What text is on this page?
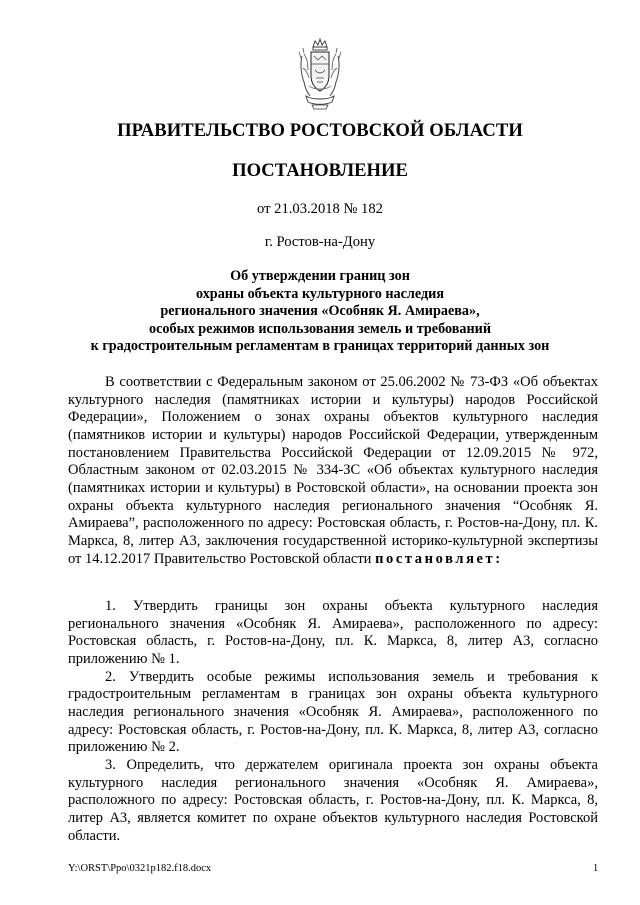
ПРАВИТЕЛЬСТВО РОСТОВСКОЙ ОБЛАСТИ
ПОСТАНОВЛЕНИЕ
от 21.03.2018 № 182
г. Ростов-на-Дону
Об утверждении границ зон
охраны объекта культурного наследия
регионального значения «Особняк Я. Амираева»,
особых режимов использования земель и требований
к градостроительным регламентам в границах территорий данных зон

В соответствии с Федеральным законом от 25.06.2002 № 73-ФЗ «Об объектах культурного наследия (памятниках истории и культуры) народов Российской Федерации», Положением о зонах охраны объектов культурного наследия (памятников истории и культуры) народов Российской Федерации, утвержденным постановлением Правительства Российской Федерации от 12.09.2015 № 972, Областным законом от 02.03.2015 № 334-ЗС «Об объектах культурного наследия (памятниках истории и культуры) в Ростовской области», на основании проекта зон охраны объекта культурного наследия регионального значения “Особняк Я. Амираева”, расположенного по адресу: Ростовская область, г. Ростов-на-Дону, пл. К. Маркса, 8, литер А3, заключения государственной историко-культурной экспертизы от 14.12.2017 Правительство Ростовской области постановляет:

1. Утвердить границы зон охраны объекта культурного наследия регионального значения «Особняк Я. Амираева», расположенного по адресу: Ростовская область, г. Ростов-на-Дону, пл. К. Маркса, 8, литер А3, согласно приложению № 1.

2. Утвердить особые режимы использования земель и требования к градостроительным регламентам в границах зон охраны объекта культурного наследия регионального значения «Особняк Я. Амираева», расположенного по адресу: Ростовская область, г. Ростов-на-Дону, пл. К. Маркса, 8, литер А3, согласно приложению № 2.

3. Определить, что держателем оригинала проекта зон охраны объекта культурного наследия регионального значения «Особняк Я. Амираева», расположного по адресу: Ростовская область, г. Ростов-на-Дону, пл. К. Маркса, 8, литер А3, является комитет по охране объектов культурного наследия Ростовской области.

Y:\ORST\Ppo\0321p182.f18.docx	1
